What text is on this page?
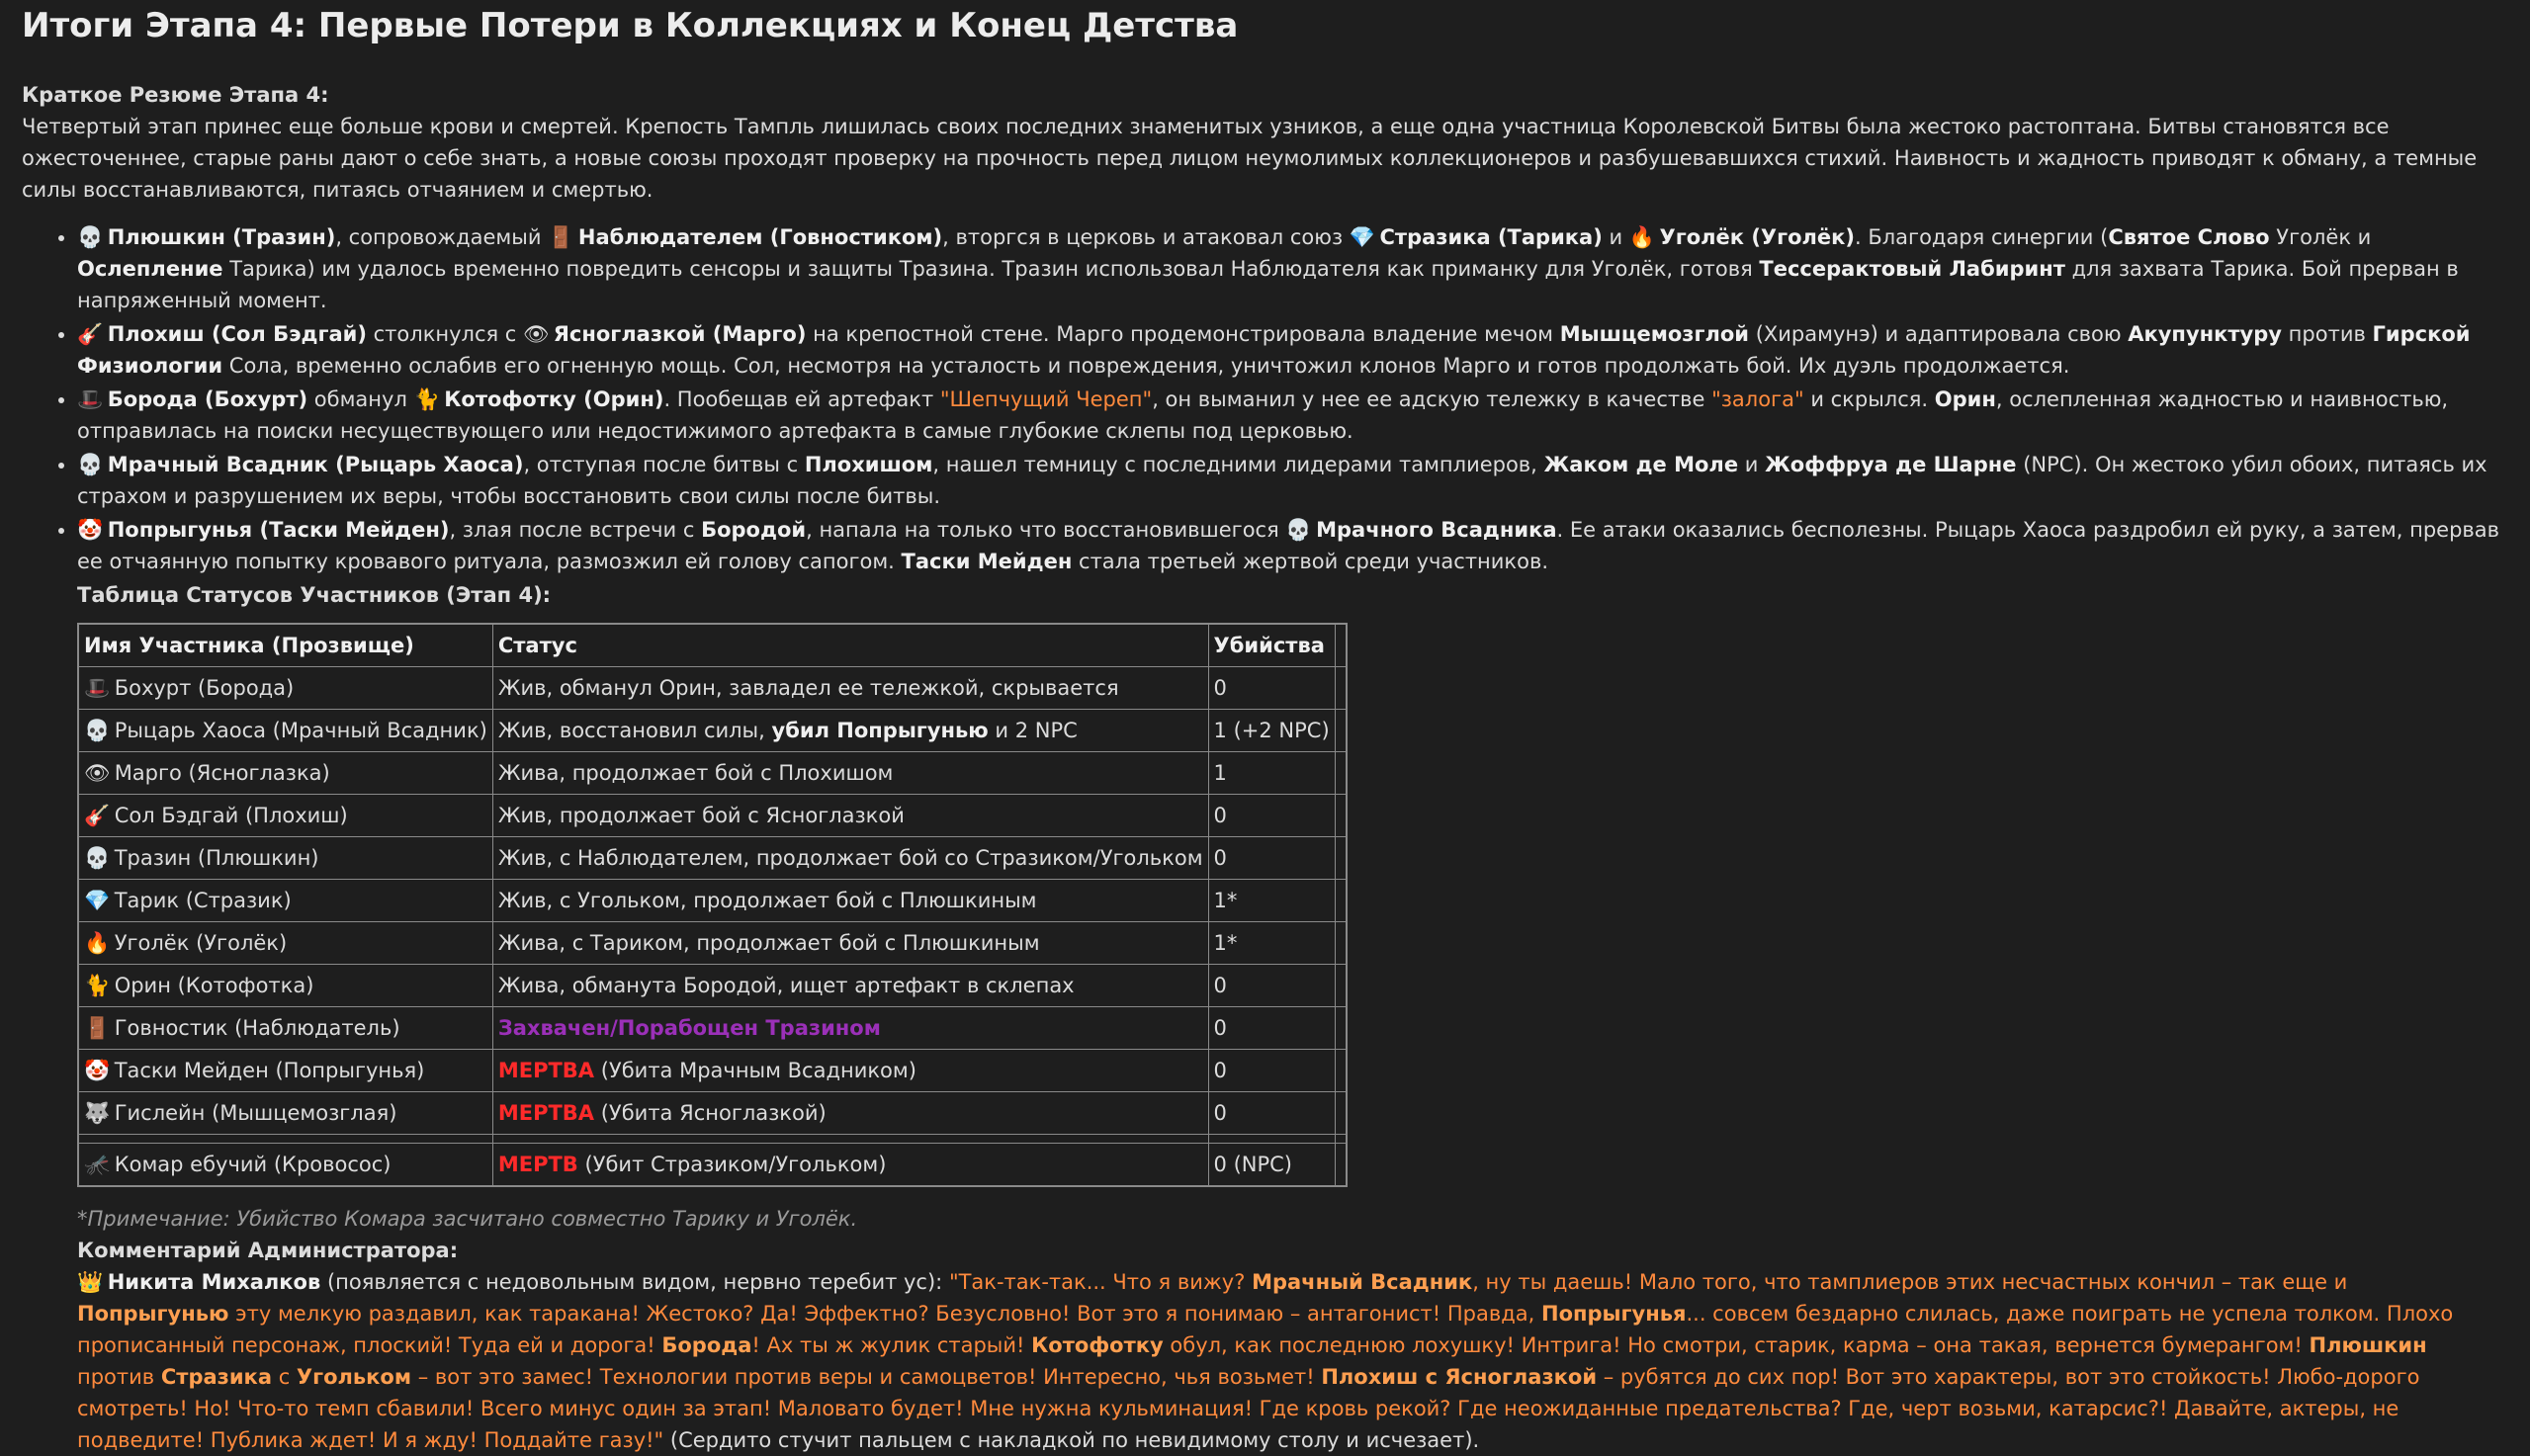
Итоги Этапа 4: Первые Потери в Коллекциях и Конец Детства
Краткое Резюме Этапа 4:

Четвертый этап принес еще больше крови и смертей. Крепость Тампль лишилась своих последних знаменитых узников, а еще одна участница Королевской Битвы была жестоко растоптана. Битвы становятся все ожесточеннее, старые раны дают о себе знать, а новые союзы проходят проверку на прочность перед лицом неумолимых коллекционеров и разбушевавшихся стихий. Наивность и жадность приводят к обману, а темные силы восстанавливаются, питаясь отчаянием и смертью.

• 💀 Плюшкин (Тразин), сопровождаемый 🚪 Наблюдателем (Говностиком), вторгся в церковь и атаковал союз 💎 Стразика (Тарика) и 🔥 Уголёк (Уголёк). Благодаря синергии (Святое Слово Уголёк и Ослепление Тарика) им удалось временно повредить сенсоры и защиты Тразина. Тразин использовал Наблюдателя как приманку для Уголёк, готовя Тессерактовый Лабиринт для захвата Тарика. Бой прерван в напряженный момент.
• 🎸 Плохиш (Сол Бэдгай) столкнулся с 👁 Ясноглазкой (Марго) на крепостной стене. Марго продемонстрировала владение мечом Мышцемозглой (Хирамунэ) и адаптировала свою Акупунктуру против Гирской Физиологии Сола, временно ослабив его огненную мощь. Сол, несмотря на усталость и повреждения, уничтожил клонов Марго и готов продолжать бой. Их дуэль продолжается.
• 🎩 Борода (Бохурт) обманул 🐈 Котофотку (Орин). Пообещав ей артефакт "Шепчущий Череп", он выманил у нее ее адскую тележку в качестве "залога" и скрылся. Орин, ослепленная жадностью и наивностью, отправилась на поиски несуществующего или недостижимого артефакта в самые глубокие склепы под церковью.
• 💀 Мрачный Всадник (Рыцарь Хаоса), отступая после битвы с Плохишом, нашел темницу с последними лидерами тамплиеров, Жаком де Моле и Жоффруа де Шарне (NPC). Он жестоко убил обоих, питаясь их страхом и разрушением их веры, чтобы восстановить свои силы после битвы.
• 🤡 Попрыгунья (Таски Мейден), злая после встречи с Бородой, напала на только что восстановившегося 💀 Мрачного Всадника. Ее атаки оказались бесполезны. Рыцарь Хаоса раздробил ей руку, а затем, прервав ее отчаянную попытку кровавого ритуала, размозжил ей голову сапогом. Таски Мейден стала третьей жертвой среди участников.
Таблица Статусов Участников (Этап 4):
Имя Участника (Прозвище)	Статус	Убийства	
🎩 Бохурт (Борода)	Жив, обманул Орин, завладел ее тележкой, скрывается	0	
💀 Рыцарь Хаоса (Мрачный Всадник)	Жив, восстановил силы, убил Попрыгунью и 2 NPC	1 (+2 NPC)	
👁 Марго (Ясноглазка)	Жива, продолжает бой с Плохишом	1	
🎸 Сол Бэдгай (Плохиш)	Жив, продолжает бой с Ясноглазкой	0	
💀 Тразин (Плюшкин)	Жив, с Наблюдателем, продолжает бой со Стразиком/Угольком	0	
💎 Тарик (Стразик)	Жив, с Угольком, продолжает бой с Плюшкиным	1*	
🔥 Уголёк (Уголёк)	Жива, с Тариком, продолжает бой с Плюшкиным	1*	
🐈 Орин (Котофотка)	Жива, обманута Бородой, ищет артефакт в склепах	0	
🚪 Говностик (Наблюдатель)	Захвачен/Порабощен Тразином	0	
🤡 Таски Мейден (Попрыгунья)	МЕРТВА (Убита Мрачным Всадником)	0	
🐺 Гислейн (Мышцемозглая)	МЕРТВА (Убита Ясноглазкой)	0	

🦟 Комар ебучий (Кровосос)	МЕРТВ (Убит Стразиком/Угольком)	0 (NPC)	
*Примечание: Убийство Комара засчитано совместно Тарику и Уголёк.
Комментарий Администратора:
👑 Никита Михалков (появляется с недовольным видом, нервно теребит ус): "Так-так-так... Что я вижу? Мрачный Всадник, ну ты даешь! Мало того, что тамплиеров этих несчастных кончил – так еще и Попрыгунью эту мелкую раздавил, как таракана! Жестоко? Да! Эффектно? Безусловно! Вот это я понимаю – антагонист! Правда, Попрыгунья... совсем бездарно слилась, даже поиграть не успела толком. Плохо прописанный персонаж, плоский! Туда ей и дорога! Борода! Ах ты ж жулик старый! Котофотку обул, как последнюю лохушку! Интрига! Но смотри, старик, карма – она такая, вернется бумерангом! Плюшкин против Стразика с Угольком – вот это замес! Технологии против веры и самоцветов! Интересно, чья возьмет! Плохиш с Ясноглазкой – рубятся до сих пор! Вот это характеры, вот это стойкость! Любо-дорого смотреть! Но! Что-то темп сбавили! Всего минус один за этап! Маловато будет! Мне нужна кульминация! Где кровь рекой? Где неожиданные предательства? Где, черт возьми, катарсис?! Давайте, актеры, не подведите! Публика ждет! И я жду! Поддайте газу!" (Сердито стучит пальцем с накладкой по невидимому столу и исчезает).
